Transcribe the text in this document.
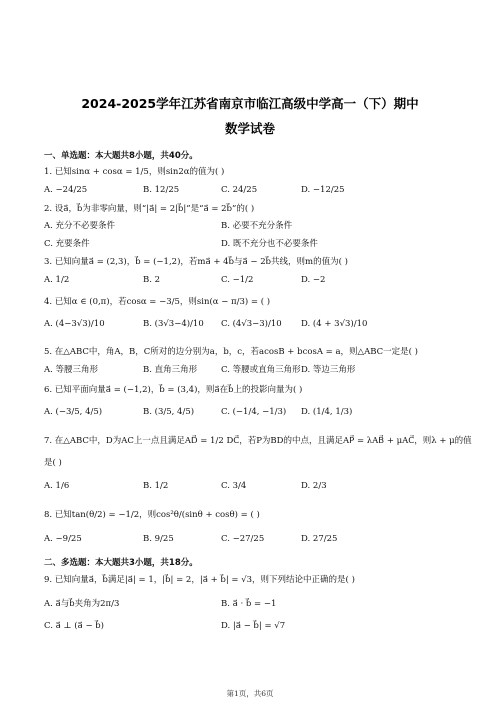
2024-2025学年江苏省南京市临江高级中学高一（下）期中
数学试卷
一、单选题：本大题共8小题，共40分。
1. 已知sinα + cosα = 1/5，则sin2α的值为( )
A. −24/25	B. 12/25	C. 24/25	D. −12/25
2. 设a⃗，b⃗为非零向量，则“|a⃗| = 2|b⃗|”是“a⃗ = 2b⃗”的( )
A. 充分不必要条件	B. 必要不充分条件
C. 充要条件	D. 既不充分也不必要条件
3. 已知向量a⃗ = (2,3)，b⃗ = (−1,2)，若ma⃗ + 4b⃗与a⃗ − 2b⃗共线，则m的值为( )
A. 1/2	B. 2	C. −1/2	D. −2
4. 已知α ∈ (0,π)，若cosα = −3/5，则sin(α − π/3) = ( )
A. (4−3√3)/10	B. (3√3−4)/10 C. (4√3−3)/10 D. (4 + 3√3)/10
5. 在△ABC中，角A，B，C所对的边分别为a，b，c，若acosB + bcosA = a，则△ABC一定是( )
A. 等腰三角形	B. 直角三角形	C. 等腰或直角三角形 D. 等边三角形
6. 已知平面向量a⃗ = (−1,2)，b⃗ = (3,4)，则a⃗在b⃗上的投影向量为( )
A. (−3/5, 4/5)	B. (3/5, 4/5)	C. (−1/4, −1/3) D. (1/4, 1/3)
7. 在△ABC中，D为AC上一点且满足AD⃗ = 1/2 DC⃗，若P为BD的中点，且满足AP⃗ = λAB⃗ + μAC⃗，则λ + μ的值
是( )
A. 1/6	B. 1/2	C. 3/4	D. 2/3
8. 已知tan(θ/2) = −1/2，则cos²θ/(sinθ + cosθ) = ( )
A. −9/25	B. 9/25	C. −27/25	D. 27/25
二、多选题：本大题共3小题，共18分。
9. 已知向量a⃗，b⃗满足|a⃗| = 1，|b⃗| = 2，|a⃗ + b⃗| = √3，则下列结论中正确的是( )
A. a⃗与b⃗夹角为2π/3	B. a⃗ · b⃗ = −1
C. a⃗ ⊥ (a⃗ − b⃗)	D. |a⃗ − b⃗| = √7
第1页，共6页
